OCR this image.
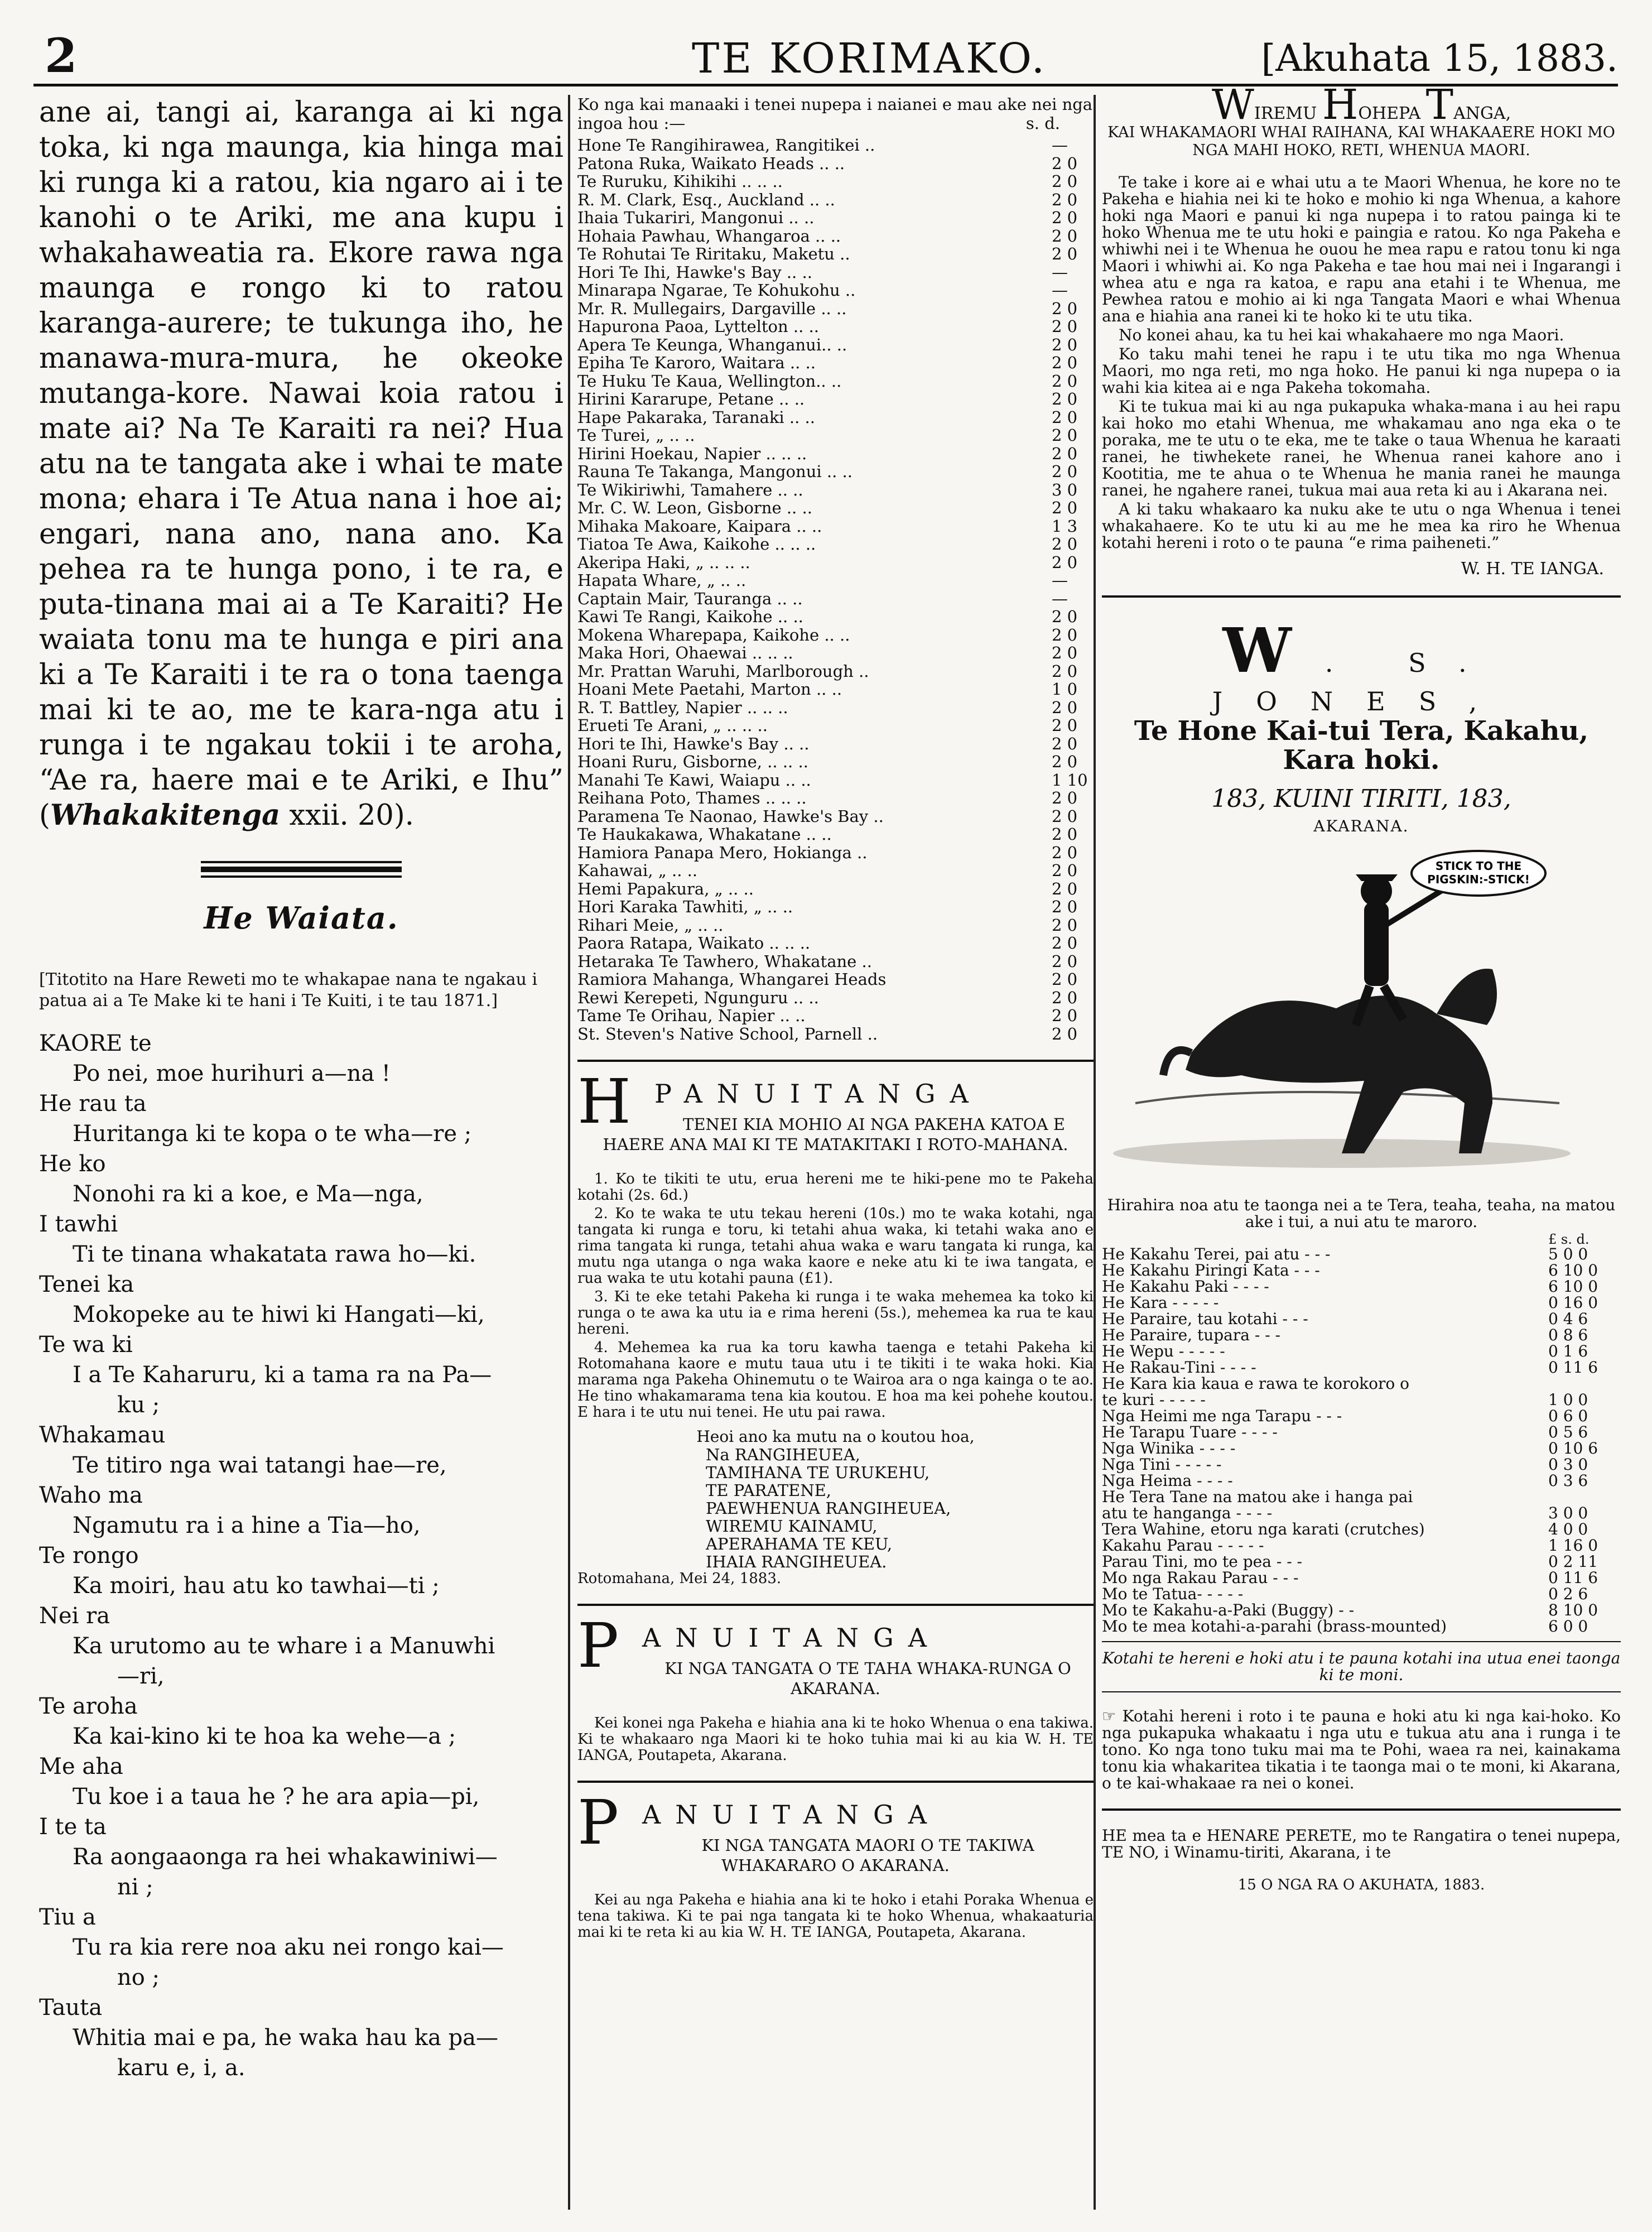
2	TE KORIMAKO.	[Akuhata 15, 1883.

ane ai, tangi ai, karanga ai ki nga toka, ki nga maunga, kia hinga mai ki runga ki a ratou, kia ngaro ai i te kanohi o te Ariki, me ana kupu i whakahaweatia ra. Ekore rawa nga maunga e rongo ki to ratou karanga-aurere; te tukunga iho, he manawa-mura-mura, he okeoke mutanga-kore. Nawai koia ratou i mate ai? Na Te Karaiti ra nei? Hua atu na te tangata ake i whai te mate mona; ehara i Te Atua nana i hoe ai; engari, nana ano, nana ano. Ka pehea ra te hunga pono, i te ra, e puta-tinana mai ai a Te Karaiti? He waiata tonu ma te hunga e piri ana ki a Te Karaiti i te ra o tona taenga mai ki te ao, me te kara-nga atu i runga i te ngakau tokii i te aroha, “Ae ra, haere mai e te Ariki, e Ihu” (Whakakitenga xxii. 20).

He Waiata.

[Titotito na Hare Reweti mo te whakapae nana te ngakau i patua ai a Te Make ki te hani i Te Kuiti, i te tau 1871.]

KAORE te
Po nei, moe hurihuri a—na !
He rau ta
Huritanga ki te kopa o te wha—re ;
He ko
Nonohi ra ki a koe, e Ma—nga,
I tawhi
Ti te tinana whakatata rawa ho—ki.
Tenei ka
Mokopeke au te hiwi ki Hangati—ki,
Te wa ki
I a Te Kaharuru, ki a tama ra na Pa—
ku ;
Whakamau
Te titiro nga wai tatangi hae—re,
Waho ma
Ngamutu ra i a hine a Tia—ho,
Te rongo
Ka moiri, hau atu ko tawhai—ti ;
Nei ra
Ka urutomo au te whare i a Manuwhi
—ri,
Te aroha
Ka kai-kino ki te hoa ka wehe—a ;
Me aha
Tu koe i a taua he ? he ara apia—pi,
I te ta
Ra aongaaonga ra hei whakawiniwi—
ni ;
Tiu a
Tu ra kia rere noa aku nei rongo kai—
no ;
Tauta
Whitia mai e pa, he waka hau ka pa—
karu e, i, a.
Ko nga kai manaaki i tenei nupepa i naianei e mau ake nei nga ingoa hou :—	s. d.
Hone Te Rangihirawea, Rangitikei ..	—
Patona Ruka, Waikato Heads .. ..	2 0
Te Ruruku, Kihikihi .. .. ..	2 0
R. M. Clark, Esq., Auckland .. ..	2 0
Ihaia Tukariri, Mangonui .. ..	2 0
Hohaia Pawhau, Whangaroa .. ..	2 0
Te Rohutai Te Riritaku, Maketu ..	2 0
Hori Te Ihi, Hawke's Bay .. ..	—
Minarapa Ngarae, Te Kohukohu ..	—
Mr. R. Mullegairs, Dargaville .. ..	2 0
Hapurona Paoa, Lyttelton .. ..	2 0
Apera Te Keunga, Whanganui.. ..	2 0
Epiha Te Karoro, Waitara .. ..	2 0
Te Huku Te Kaua, Wellington.. ..	2 0
Hirini Kararupe, Petane .. ..	2 0
Hape Pakaraka, Taranaki .. ..	2 0
Te Turei, „ .. ..	2 0
Hirini Hoekau, Napier .. .. ..	2 0
Rauna Te Takanga, Mangonui .. ..	2 0
Te Wikiriwhi, Tamahere .. ..	3 0
Mr. C. W. Leon, Gisborne .. ..	2 0
Mihaka Makoare, Kaipara .. ..	1 3
Tiatoa Te Awa, Kaikohe .. .. ..	2 0
Akeripa Haki, „ .. .. ..	2 0
Hapata Whare, „ .. ..	—
Captain Mair, Tauranga .. ..	—
Kawi Te Rangi, Kaikohe .. ..	2 0
Mokena Wharepapa, Kaikohe .. ..	2 0
Maka Hori, Ohaewai .. .. ..	2 0
Mr. Prattan Waruhi, Marlborough ..	2 0
Hoani Mete Paetahi, Marton .. ..	1 0
R. T. Battley, Napier .. .. ..	2 0
Erueti Te Arani, „ .. .. ..	2 0
Hori te Ihi, Hawke's Bay .. ..	2 0
Hoani Ruru, Gisborne, .. .. ..	2 0
Manahi Te Kawi, Waiapu .. ..	1 10
Reihana Poto, Thames .. .. ..	2 0
Paramena Te Naonao, Hawke's Bay ..	2 0
Te Haukakawa, Whakatane .. ..	2 0
Hamiora Panapa Mero, Hokianga ..	2 0
Kahawai, „ .. ..	2 0
Hemi Papakura, „ .. ..	2 0
Hori Karaka Tawhiti, „ .. ..	2 0
Rihari Meie, „ .. ..	2 0
Paora Ratapa, Waikato .. .. ..	2 0
Hetaraka Te Tawhero, Whakatane ..	2 0
Ramiora Mahanga, Whangarei Heads	2 0
Rewi Kerepeti, Ngunguru .. ..	2 0
Tame Te Orihau, Napier .. ..	2 0
St. Steven's Native School, Parnell ..	2 0
H PANUITANGA

TENEI KIA MOHIO AI NGA PAKEHA KATOA E HAERE ANA MAI KI TE MATAKITAKI I ROTO-MAHANA.

1. Ko te tikiti te utu, erua hereni me te hiki-pene mo te Pakeha kotahi (2s. 6d.)

2. Ko te waka te utu tekau hereni (10s.) mo te waka kotahi, nga tangata ki runga e toru, ki tetahi ahua waka, ki tetahi waka ano e rima tangata ki runga, tetahi ahua waka e waru tangata ki runga, ka mutu nga utanga o nga waka kaore e neke atu ki te iwa tangata, e rua waka te utu kotahi pauna (£1).

3. Ki te eke tetahi Pakeha ki runga i te waka mehemea ka toko ki runga o te awa ka utu ia e rima hereni (5s.), mehemea ka rua te kau hereni.

4. Mehemea ka rua ka toru kawha taenga e tetahi Pakeha ki Rotomahana kaore e mutu taua utu i te tikiti i te waka hoki. Kia marama nga Pakeha Ohinemutu o te Wairoa ara o nga kainga o te ao. He tino whakamarama tena kia koutou. E hoa ma kei pohehe koutou. E hara i te utu nui tenei. He utu pai rawa.

Heoi ano ka mutu na o koutou hoa,
Na RANGIHEUEA,
TAMIHANA TE URUKEHU,
TE PARATENE,
PAEWHENUA RANGIHEUEA,
WIREMU KAINAMU,
APERAHAMA TE KEU,
IHAIA RANGIHEUEA.
Rotomahana, Mei 24, 1883.
P ANUITANGA

KI NGA TANGATA O TE TAHA WHAKA-RUNGA O AKARANA.

Kei konei nga Pakeha e hiahia ana ki te hoko Whenua o ena takiwa. Ki te whakaaro nga Maori ki te hoko tuhia mai ki au kia W. H. TE IANGA, Poutapeta, Akarana.

P ANUITANGA

KI NGA TANGATA MAORI O TE TAKIWA WHAKARARO O AKARANA.

Kei au nga Pakeha e hiahia ana ki te hoko i etahi Poraka Whenua e tena takiwa. Ki te pai nga tangata ki te hoko Whenua, whakaaturia mai ki te reta ki au kia W. H. TE IANGA, Poutapeta, Akarana.

WIREMU HOHEPA TANGA,
KAI WHAKAMAORI WHAI RAIHANA, KAI WHAKAAERE HOKI MO NGA MAHI HOKO, RETI, WHENUA MAORI.

Te take i kore ai e whai utu a te Maori Whenua, he kore no te Pakeha e hiahia nei ki te hoko e mohio ki nga Whenua, a kahore hoki nga Maori e panui ki nga nupepa i to ratou painga ki te hoko Whenua me te utu hoki e paingia e ratou. Ko nga Pakeha e whiwhi nei i te Whenua he ouou he mea rapu e ratou tonu ki nga Maori i whiwhi ai. Ko nga Pakeha e tae hou mai nei i Ingarangi i whea atu e nga ra katoa, e rapu ana etahi i te Whenua, me Pewhea ratou e mohio ai ki nga Tangata Maori e whai Whenua ana e hiahia ana ranei ki te hoko ki te utu tika.

No konei ahau, ka tu hei kai whakahaere mo nga Maori.

Ko taku mahi tenei he rapu i te utu tika mo nga Whenua Maori, mo nga reti, mo nga hoko. He panui ki nga nupepa o ia wahi kia kitea ai e nga Pakeha tokomaha.

Ki te tukua mai ki au nga pukapuka whaka-mana i au hei rapu kai hoko mo etahi Whenua, me whakamau ano nga eka o te poraka, me te utu o te eka, me te take o taua Whenua he karaati ranei, he tiwhekete ranei, he Whenua ranei kahore ano i Kootitia, me te ahua o te Whenua he mania ranei he maunga ranei, he ngahere ranei, tukua mai aua reta ki au i Akarana nei.

A ki taku whakaaro ka nuku ake te utu o nga Whenua i tenei whakahaere. Ko te utu ki au me he mea ka riro he Whenua kotahi hereni i roto o te pauna “e rima paiheneti.”

W. H. TE IANGA.
W. S. JONES,
Te Hone Kai-tui Tera, Kakahu,
Kara hoki.
183, KUINI TIRITI, 183,
AKARANA.
STICK TO THE
PIGSKIN:-STICK!

Hirahira noa atu te taonga nei a te Tera, teaha, teaha, na matou ake i tui, a nui atu te maroro.

£ s. d.
He Kakahu Terei, pai atu - - -	5 0 0
He Kakahu Piringi Kata - - -	6 10 0
He Kakahu Paki - - - -	6 10 0
He Kara - - - - -	0 16 0
He Paraire, tau kotahi - - -	0 4 6
He Paraire, tupara - - -	0 8 6
He Wepu - - - - -	0 1 6
He Rakau-Tini - - - -	0 11 6
He Kara kia kaua e rawa te korokoro o
te kuri - - - - -	1 0 0
Nga Heimi me nga Tarapu - - -	0 6 0
He Tarapu Tuare - - - -	0 5 6
Nga Winika - - - -	0 10 6
Nga Tini - - - - -	0 3 0
Nga Heima - - - -	0 3 6
He Tera Tane na matou ake i hanga pai
atu te hanganga - - - -	3 0 0
Tera Wahine, etoru nga karati (crutches)	4 0 0
Kakahu Parau - - - - -	1 16 0
Parau Tini, mo te pea - - -	0 2 11
Mo nga Rakau Parau - - -	0 11 6
Mo te Tatua- - - - -	0 2 6
Mo te Kakahu-a-Paki (Buggy) - -	8 10 0
Mo te mea kotahi-a-parahi (brass-mounted)	6 0 0

Kotahi te hereni e hoki atu i te pauna kotahi ina utua enei taonga ki te moni.

☞ Kotahi hereni i roto i te pauna e hoki atu ki nga kai-hoko. Ko nga pukapuka whakaatu i nga utu e tukua atu ana i runga i te tono. Ko nga tono tuku mai ma te Pohi, waea ra nei, kainakama tonu kia whakaritea tikatia i te taonga mai o te moni, ki Akarana, o te kai-whakaae ra nei o konei.

HE mea ta e HENARE PERETE, mo te Rangatira o tenei nupepa, TE NO, i Winamu-tiriti, Akarana, i te

15 O NGA RA O AKUHATA, 1883.
